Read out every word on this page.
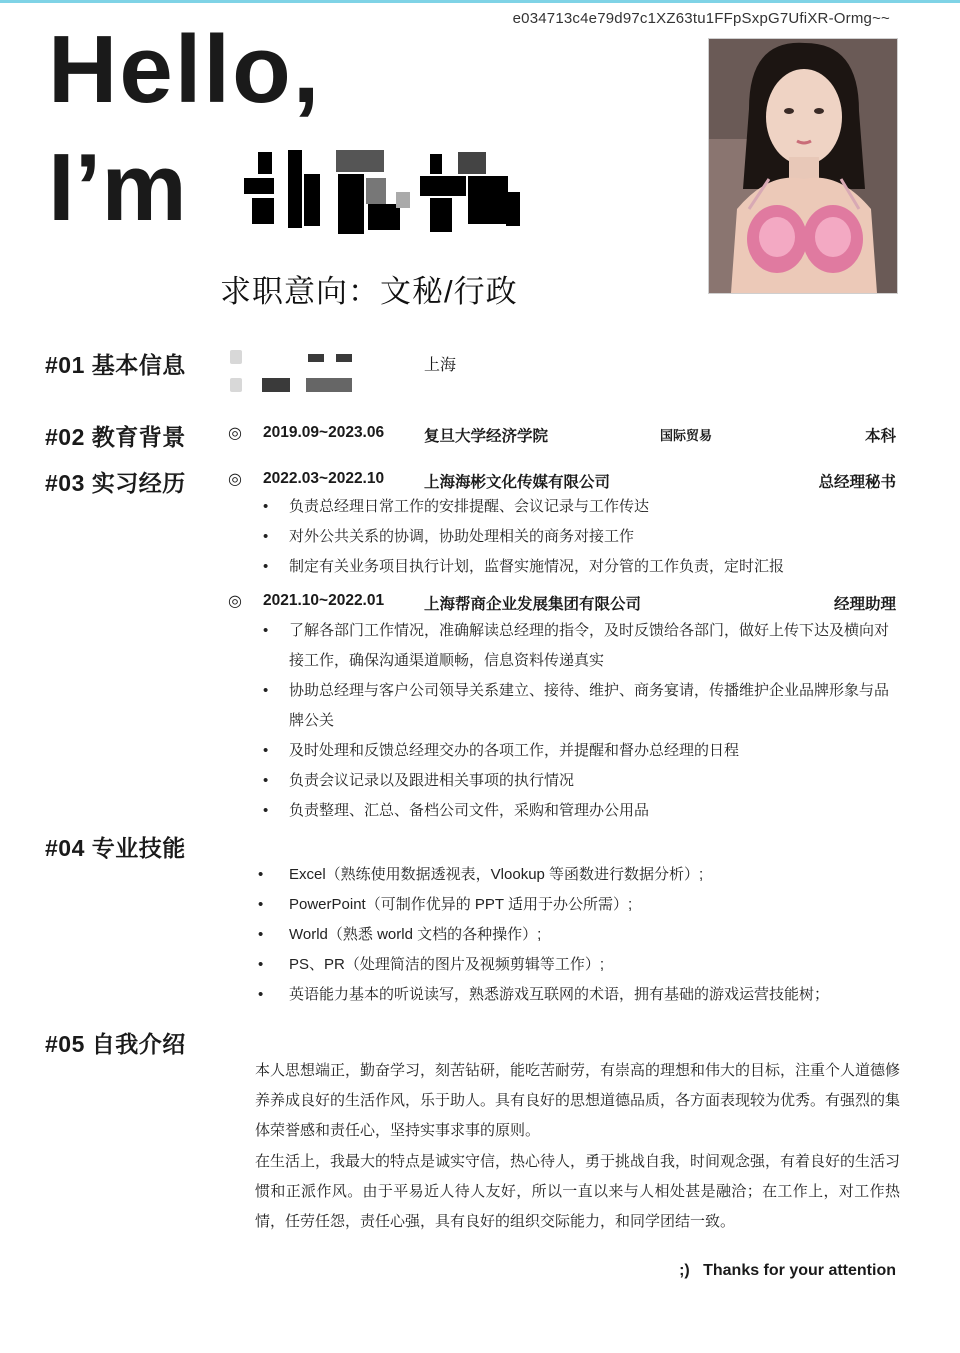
e034713c4e79d97c1XZ63tu1FFpSxpG7UfiXR-Ormg~~
Hello,
I’m
求职意向：文秘/行政
#01 基本信息	上海
#02 教育背景	◎ 2019.09~2023.06	复旦大学经济学院	国际贸易	本科
#03 实习经历	◎ 2022.03~2022.10	上海海彬文化传媒有限公司	总经理秘书
• 负责总经理日常工作的安排提醒、会议记录与工作传达
• 对外公共关系的协调，协助处理相关的商务对接工作
• 制定有关业务项目执行计划，监督实施情况，对分管的工作负责，定时汇报
◎ 2021.10~2022.01	上海帮商企业发展集团有限公司	经理助理
• 了解各部门工作情况，准确解读总经理的指令，及时反馈给各部门，做好上传下达及横向对接工作，确保沟通渠道顺畅，信息资料传递真实
• 协助总经理与客户公司领导关系建立、接待、维护、商务宴请，传播维护企业品牌形象与品牌公关
• 及时处理和反馈总经理交办的各项工作，并提醒和督办总经理的日程
• 负责会议记录以及跟进相关事项的执行情况
• 负责整理、汇总、备档公司文件，采购和管理办公用品
#04 专业技能
• Excel（熟练使用数据透视表，Vlookup 等函数进行数据分析）;
• PowerPoint（可制作优异的 PPT 适用于办公所需）;
• World（熟悉 world 文档的各种操作）;
• PS、PR（处理简洁的图片及视频剪辑等工作）;
• 英语能力基本的听说读写，熟悉游戏互联网的术语，拥有基础的游戏运营技能树；
#05 自我介绍

本人思想端正，勤奋学习，刻苦钻研，能吃苦耐劳，有崇高的理想和伟大的目标，注重个人道德修养养成良好的生活作风，乐于助人。具有良好的思想道德品质，各方面表现较为优秀。有强烈的集体荣誉感和责任心，坚持实事求事的原则。

在生活上，我最大的特点是诚实守信，热心待人，勇于挑战自我，时间观念强，有着良好的生活习惯和正派作风。由于平易近人待人友好，所以一直以来与人相处甚是融洽；在工作上，对工作热情，任劳任怨，责任心强，具有良好的组织交际能力，和同学团结一致。

;) Thanks for your attention
